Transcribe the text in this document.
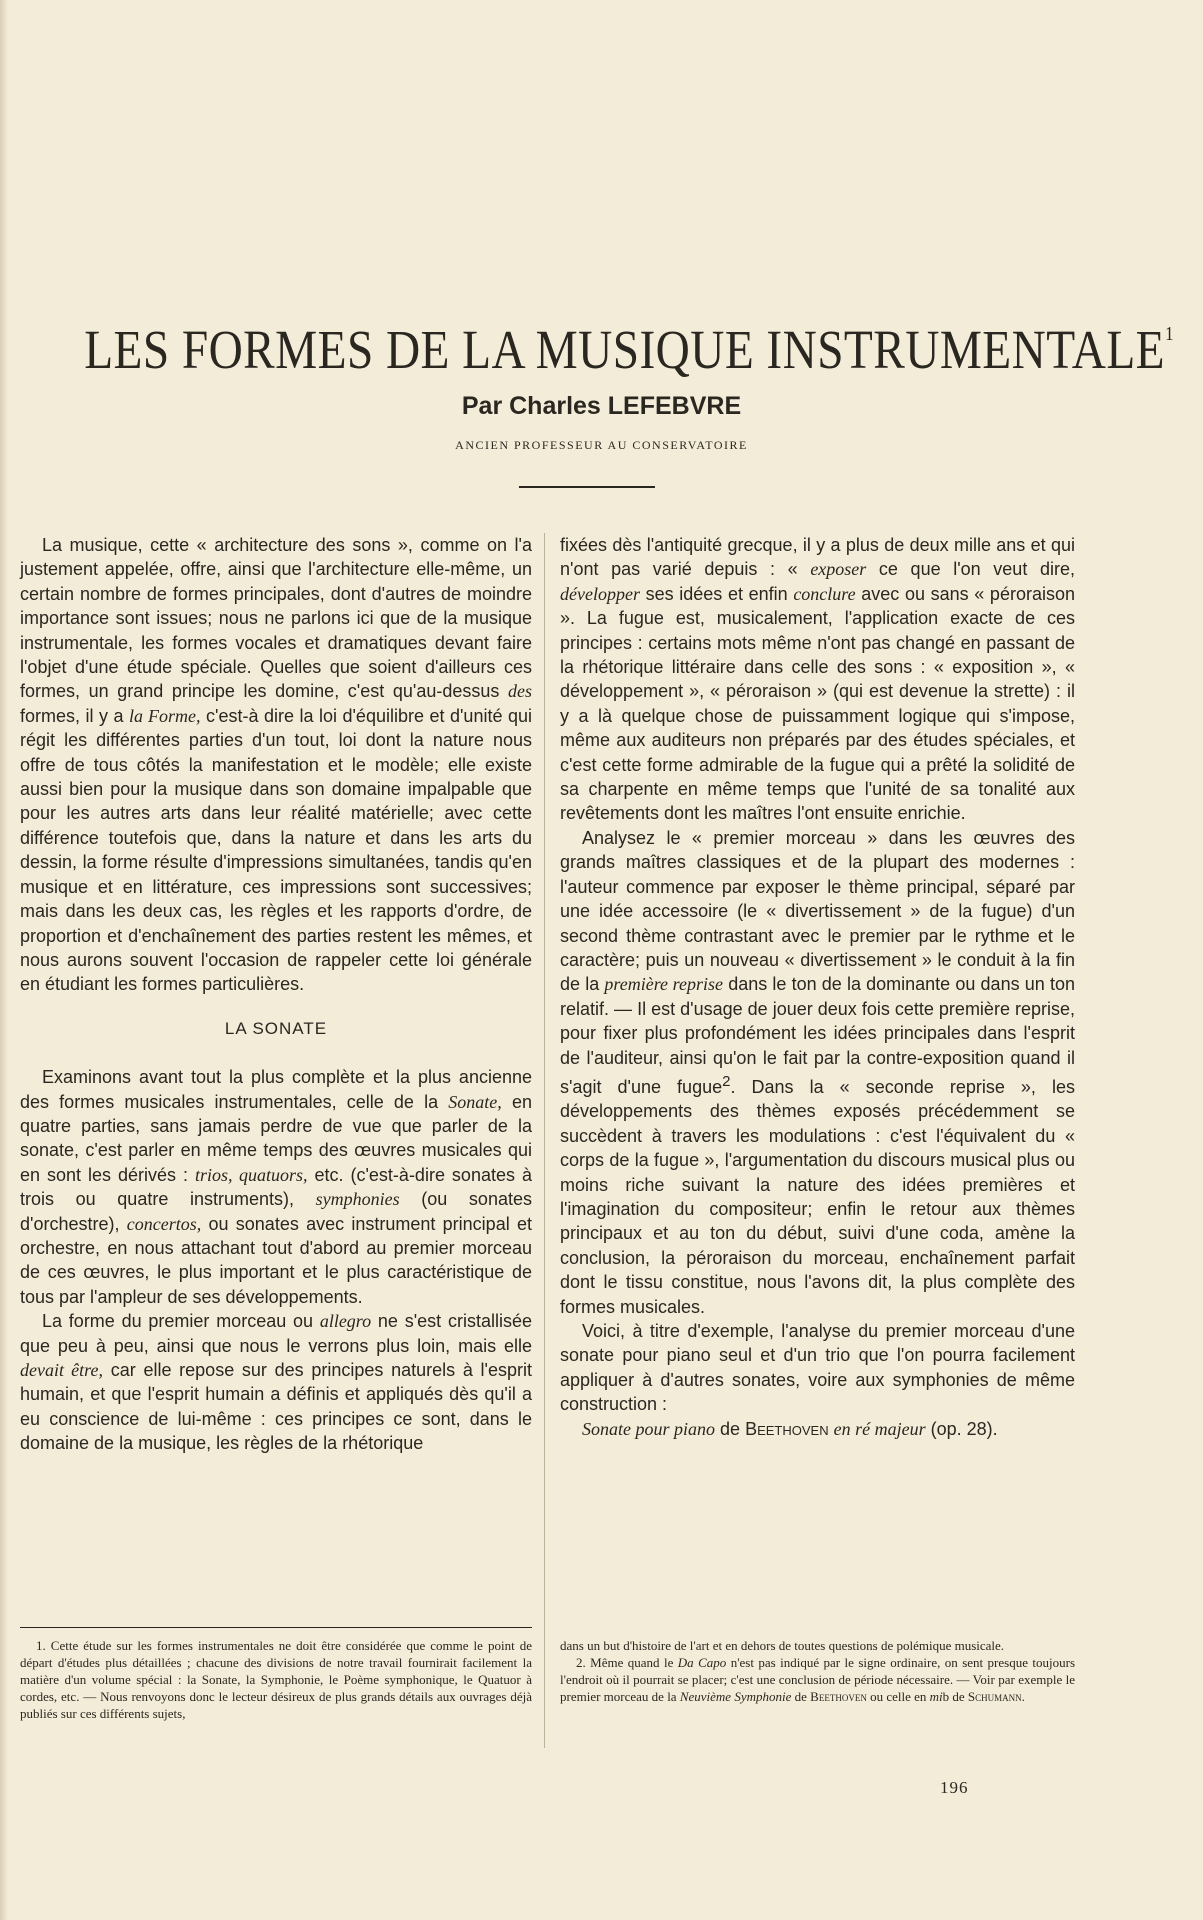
LES FORMES DE LA MUSIQUE INSTRUMENTALE$^1$
Par Charles LEFEBVRE
ANCIEN PROFESSEUR AU CONSERVATOIRE

La musique, cette « architecture des sons », comme on l'a justement appelée, offre, ainsi que l'architecture elle-même, un certain nombre de formes principales, dont d'autres de moindre importance sont issues; nous ne parlons ici que de la musique instrumentale, les formes vocales et dramatiques devant faire l'objet d'une étude spéciale. Quelles que soient d'ailleurs ces formes, un grand principe les domine, c'est qu'au-dessus des formes, il y a la Forme, c'est-à dire la loi d'équilibre et d'unité qui régit les différentes parties d'un tout, loi dont la nature nous offre de tous côtés la manifestation et le modèle; elle existe aussi bien pour la musique dans son domaine impalpable que pour les autres arts dans leur réalité matérielle; avec cette différence toutefois que, dans la nature et dans les arts du dessin, la forme résulte d'impressions simultanées, tandis qu'en musique et en littérature, ces impressions sont successives; mais dans les deux cas, les règles et les rapports d'ordre, de proportion et d'enchaînement des parties restent les mêmes, et nous aurons souvent l'occasion de rappeler cette loi générale en étudiant les formes particulières.

LA SONATE

Examinons avant tout la plus complète et la plus ancienne des formes musicales instrumentales, celle de la Sonate, en quatre parties, sans jamais perdre de vue que parler de la sonate, c'est parler en même temps des œuvres musicales qui en sont les dérivés : trios, quatuors, etc. (c'est-à-dire sonates à trois ou quatre instruments), symphonies (ou sonates d'orchestre), concertos, ou sonates avec instrument principal et orchestre, en nous attachant tout d'abord au premier morceau de ces œuvres, le plus important et le plus caractéristique de tous par l'ampleur de ses développements.

La forme du premier morceau ou allegro ne s'est cristallisée que peu à peu, ainsi que nous le verrons plus loin, mais elle devait être, car elle repose sur des principes naturels à l'esprit humain, et que l'esprit humain a définis et appliqués dès qu'il a eu conscience de lui-même : ces principes ce sont, dans le domaine de la musique, les règles de la rhétorique

fixées dès l'antiquité grecque, il y a plus de deux mille ans et qui n'ont pas varié depuis : « exposer ce que l'on veut dire, développer ses idées et enfin conclure avec ou sans « péroraison ». La fugue est, musicalement, l'application exacte de ces principes : certains mots même n'ont pas changé en passant de la rhétorique littéraire dans celle des sons : « exposition », « développement », « péroraison » (qui est devenue la strette) : il y a là quelque chose de puissamment logique qui s'impose, même aux auditeurs non préparés par des études spéciales, et c'est cette forme admirable de la fugue qui a prêté la solidité de sa charpente en même temps que l'unité de sa tonalité aux revêtements dont les maîtres l'ont ensuite enrichie.

Analysez le « premier morceau » dans les œuvres des grands maîtres classiques et de la plupart des modernes : l'auteur commence par exposer le thème principal, séparé par une idée accessoire (le « divertissement » de la fugue) d'un second thème contrastant avec le premier par le rythme et le caractère; puis un nouveau « divertissement » le conduit à la fin de la première reprise dans le ton de la dominante ou dans un ton relatif. — Il est d'usage de jouer deux fois cette première reprise, pour fixer plus profondément les idées principales dans l'esprit de l'auditeur, ainsi qu'on le fait par la contre-exposition quand il s'agit d'une fugue$^2$. Dans la « seconde reprise », les développements des thèmes exposés précédemment se succèdent à travers les modulations : c'est l'équivalent du « corps de la fugue », l'argumentation du discours musical plus ou moins riche suivant la nature des idées premières et l'imagination du compositeur; enfin le retour aux thèmes principaux et au ton du début, suivi d'une coda, amène la conclusion, la péroraison du morceau, enchaînement parfait dont le tissu constitue, nous l'avons dit, la plus complète des formes musicales.

Voici, à titre d'exemple, l'analyse du premier morceau d'une sonate pour piano seul et d'un trio que l'on pourra facilement appliquer à d'autres sonates, voire aux symphonies de même construction :

Sonate pour piano de Beethoven en ré majeur (op. 28).

1. Cette étude sur les formes instrumentales ne doit être considérée que comme le point de départ d'études plus détaillées ; chacune des divisions de notre travail fournirait facilement la matière d'un volume spécial : la Sonate, la Symphonie, le Poème symphonique, le Quatuor à cordes, etc. — Nous renvoyons donc le lecteur désireux de plus grands détails aux ouvrages déjà publiés sur ces différents sujets,

dans un but d'histoire de l'art et en dehors de toutes questions de polémique musicale.

2. Même quand le Da Capo n'est pas indiqué par le signe ordinaire, on sent presque toujours l'endroit où il pourrait se placer; c'est une conclusion de période nécessaire. — Voir par exemple le premier morceau de la Neuvième Symphonie de Beethoven ou celle en mib de Schumann.

196
